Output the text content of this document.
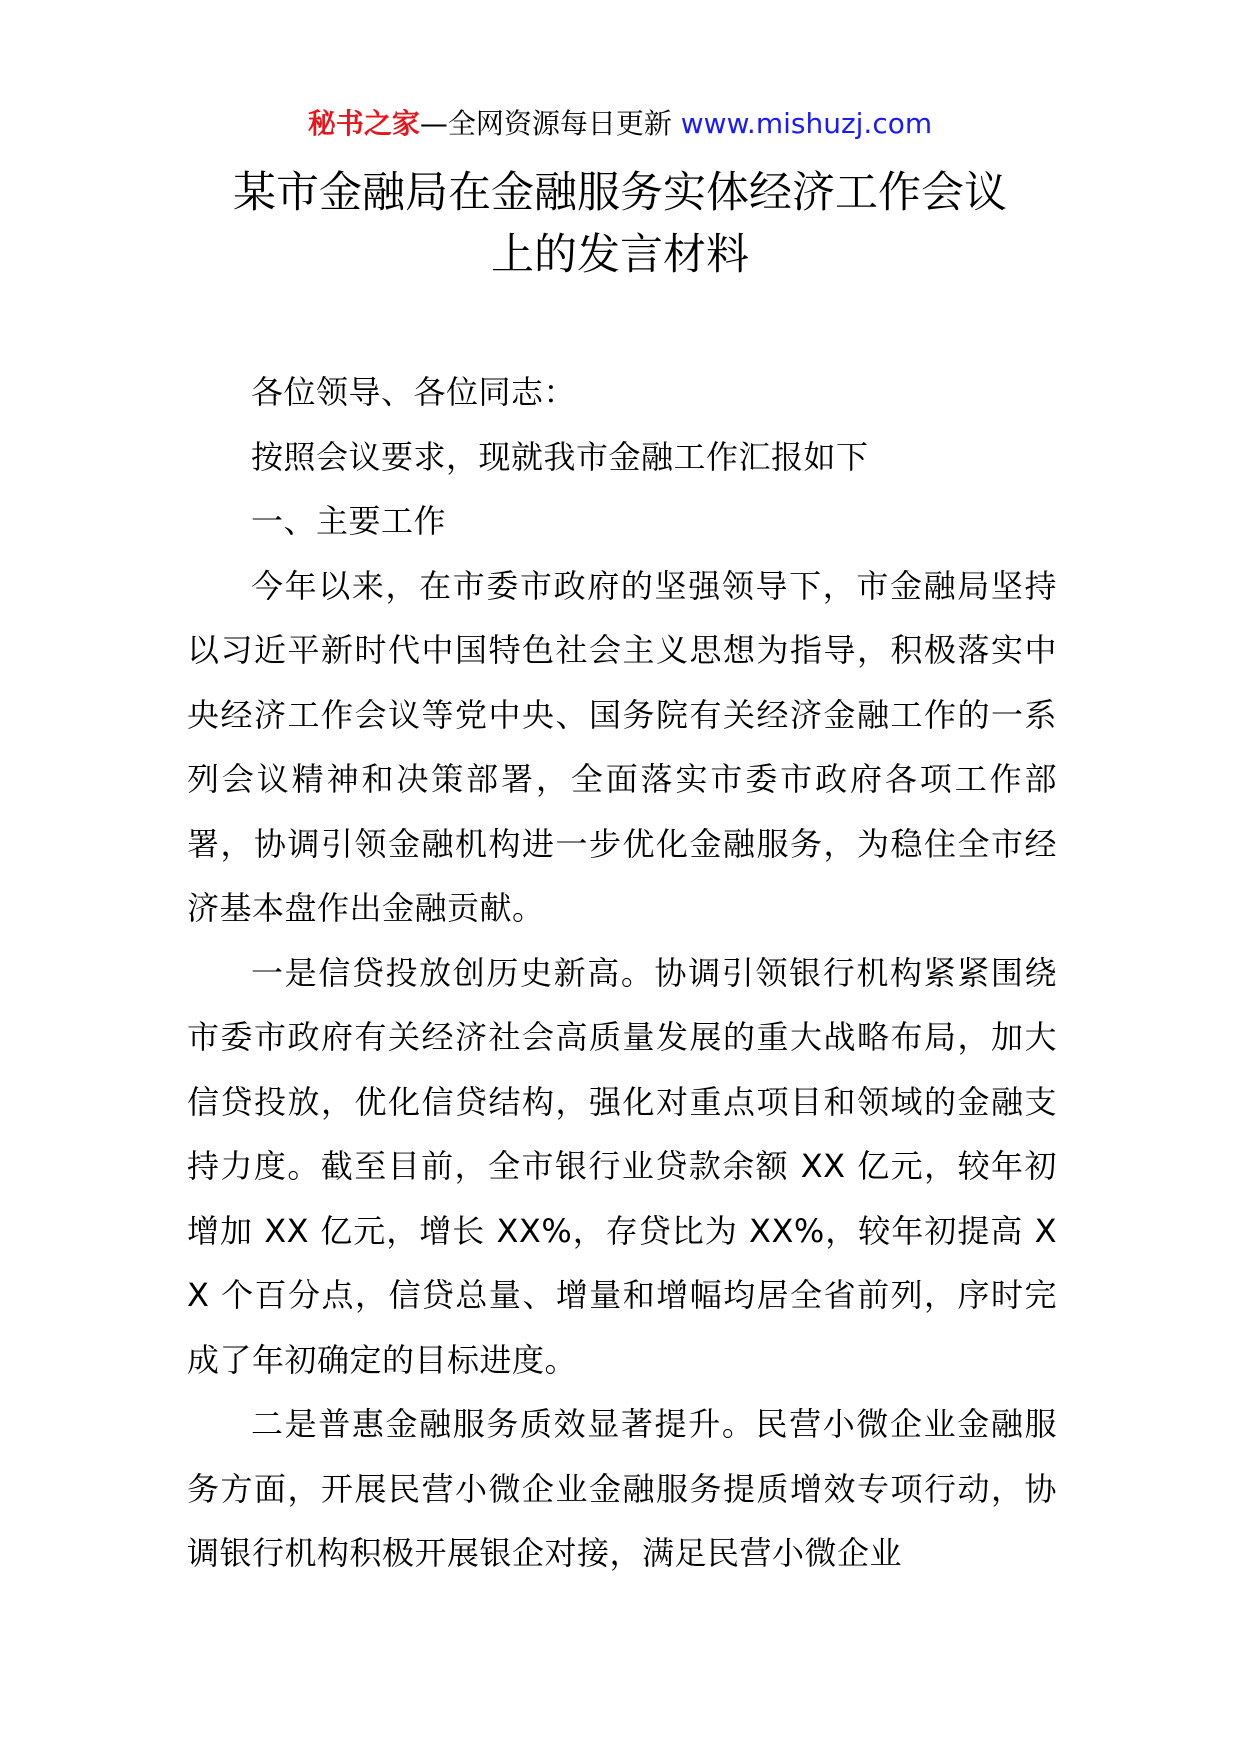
秘书之家—全网资源每日更新 www.mishuzj.com
某市金融局在金融服务实体经济工作会议
上的发言材料

各位领导、各位同志：

按照会议要求，现就我市金融工作汇报如下

一、主要工作

今年以来，在市委市政府的坚强领导下，市金融局坚持以习近平新时代中国特色社会主义思想为指导，积极落实中央经济工作会议等党中央、国务院有关经济金融工作的一系列会议精神和决策部署，全面落实市委市政府各项工作部署，协调引领金融机构进一步优化金融服务，为稳住全市经济基本盘作出金融贡献。

一是信贷投放创历史新高。协调引领银行机构紧紧围绕市委市政府有关经济社会高质量发展的重大战略布局，加大信贷投放，优化信贷结构，强化对重点项目和领域的金融支持力度。截至目前，全市银行业贷款余额 XX 亿元，较年初增加 XX 亿元，增长 XX%，存贷比为 XX%，较年初提高 XX 个百分点，信贷总量、增量和增幅均居全省前列，序时完成了年初确定的目标进度。

二是普惠金融服务质效显著提升。民营小微企业金融服务方面，开展民营小微企业金融服务提质增效专项行动，协调银行机构积极开展银企对接，满足民营小微企业
